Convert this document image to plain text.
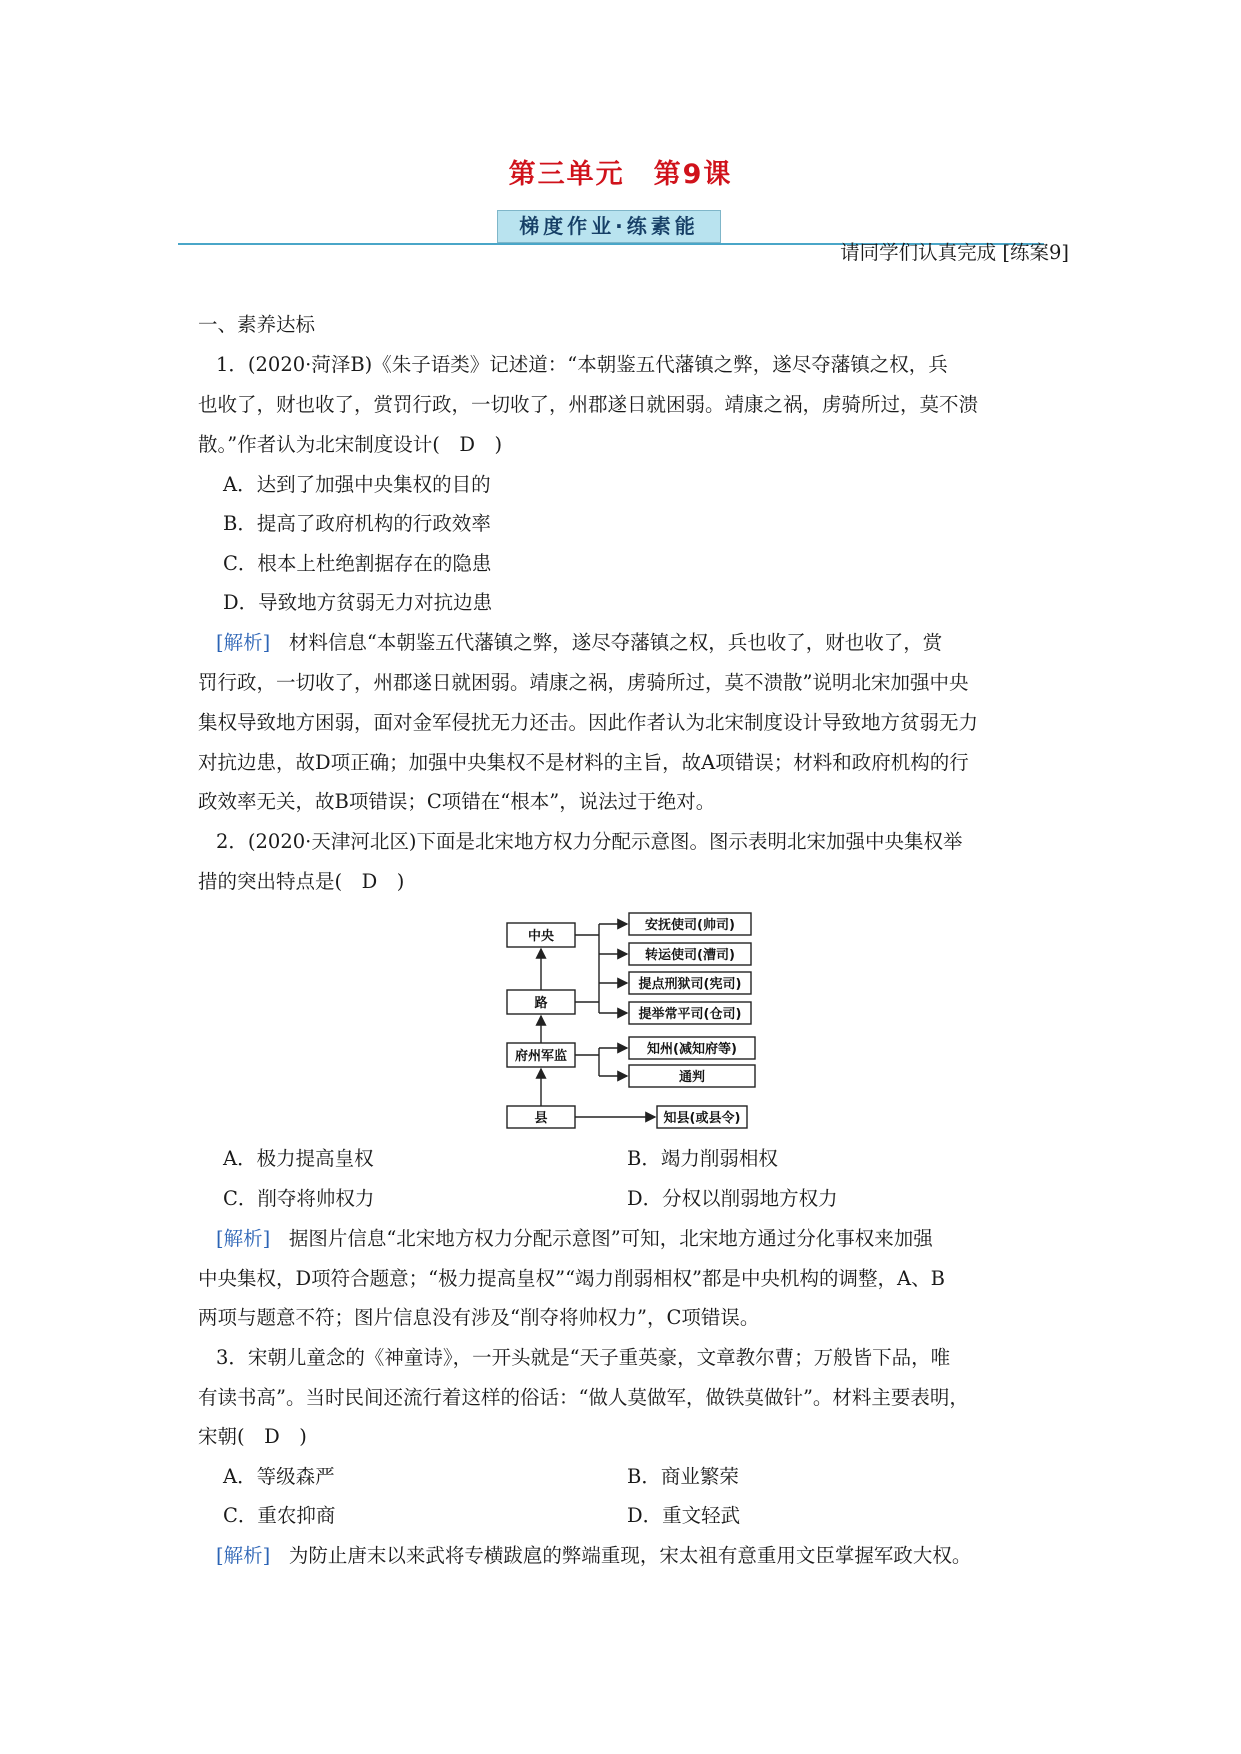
第三单元　第9课
梯度作业·练素能
请同学们认真完成 [练案9]
一、素养达标
1．(2020·菏泽B)《朱子语类》记述道：“本朝鉴五代藩镇之弊，遂尽夺藩镇之权，兵
也收了，财也收了，赏罚行政，一切收了，州郡遂日就困弱。靖康之祸，虏骑所过，莫不溃
散。”作者认为北宋制度设计(　D　)
A．达到了加强中央集权的目的
B．提高了政府机构的行政效率
C．根本上杜绝割据存在的隐患
D．导致地方贫弱无力对抗边患
[解析] 材料信息“本朝鉴五代藩镇之弊，遂尽夺藩镇之权，兵也收了，财也收了，赏
罚行政，一切收了，州郡遂日就困弱。靖康之祸，虏骑所过，莫不溃散”说明北宋加强中央
集权导致地方困弱，面对金军侵扰无力还击。因此作者认为北宋制度设计导致地方贫弱无力
对抗边患，故D项正确；加强中央集权不是材料的主旨，故A项错误；材料和政府机构的行
政效率无关，故B项错误；C项错在“根本”，说法过于绝对。
2．(2020·天津河北区)下面是北宋地方权力分配示意图。图示表明北宋加强中央集权举
措的突出特点是(　D　)
中央
路
府州军监
县
安抚使司(帅司)
转运使司(漕司)
提点刑狱司(宪司)
提举常平司(仓司)
知州(减知府等)
通判
知县(或县令)
A．极力提高皇权	B．竭力削弱相权
C．削夺将帅权力	D．分权以削弱地方权力
[解析] 据图片信息“北宋地方权力分配示意图”可知，北宋地方通过分化事权来加强
中央集权，D项符合题意；“极力提高皇权”“竭力削弱相权”都是中央机构的调整，A、B
两项与题意不符；图片信息没有涉及“削夺将帅权力”，C项错误。
3．宋朝儿童念的《神童诗》，一开头就是“天子重英豪，文章教尔曹；万般皆下品，唯
有读书高”。当时民间还流行着这样的俗话：“做人莫做军，做铁莫做针”。材料主要表明，
宋朝(　D　)
A．等级森严	B．商业繁荣
C．重农抑商	D．重文轻武
[解析] 为防止唐末以来武将专横跋扈的弊端重现，宋太祖有意重用文臣掌握军政大权。
